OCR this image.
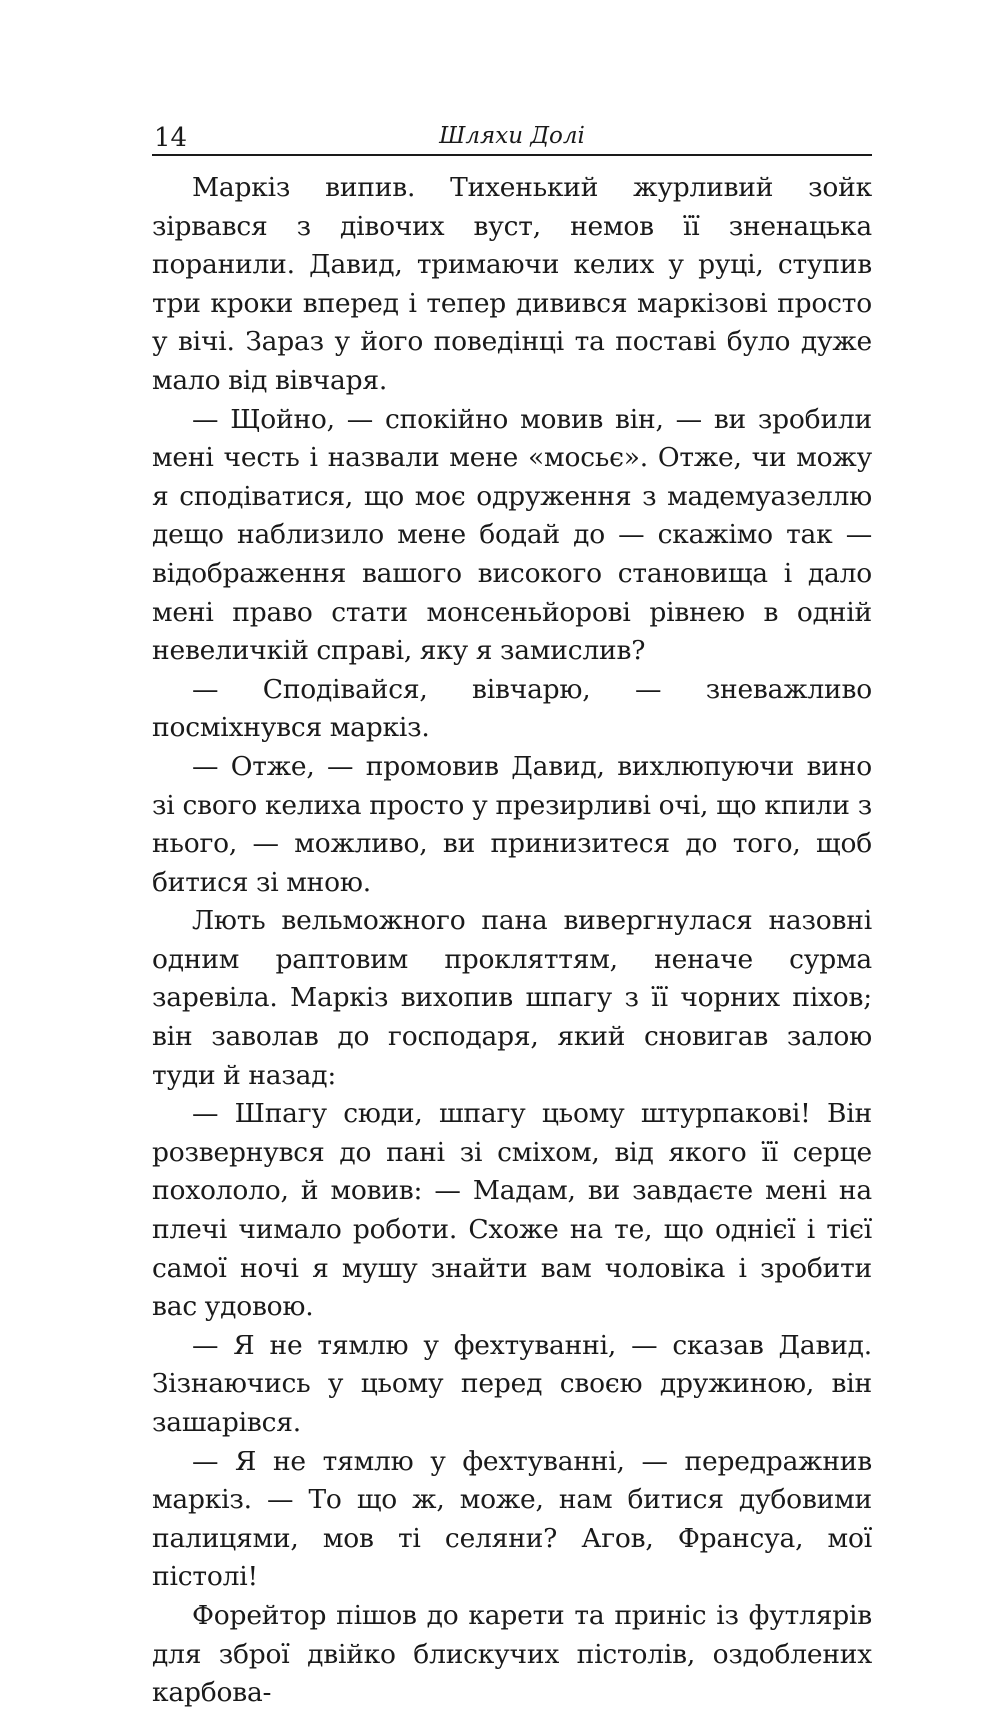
14	Шляхи Долі

Маркіз випив. Тихенький журливий зойк зірвався з дівочих вуст, немов її зненацька поранили. Давид, тримаючи келих у руці, ступив три кроки вперед і тепер дивився маркізові просто у вічі. Зараз у його поведінці та поставі було дуже мало від вівчаря.

— Щойно, — спокійно мовив він, — ви зробили мені честь і назвали мене «мосьє». Отже, чи можу я сподіватися, що моє одруження з мадемуазеллю дещо наблизило мене бодай до — скажімо так — відображення вашого високого становища і дало мені право стати монсеньйорові рівнею в одній невеличкій справі, яку я замислив?

— Сподівайся, вівчарю, — зневажливо посміхнувся маркіз.

— Отже, — промовив Давид, вихлюпуючи вино зі свого келиха просто у презирливі очі, що кпили з нього, — можливо, ви принизитеся до того, щоб битися зі мною.

Лють вельможного пана вивергнулася назовні одним раптовим прокляттям, неначе сурма заревіла. Маркіз вихопив шпагу з її чорних піхов; він заволав до господаря, який сновигав залою туди й назад:

— Шпагу сюди, шпагу цьому штурпакові! Він розвернувся до пані зі сміхом, від якого її серце похололо, й мовив: — Мадам, ви завдаєте мені на плечі чимало роботи. Схоже на те, що однієї і тієї самої ночі я мушу знайти вам чоловіка і зробити вас удовою.

— Я не тямлю у фехтуванні, — сказав Давид. Зізнаючись у цьому перед своєю дружиною, він зашарівся.

— Я не тямлю у фехтуванні, — передражнив маркіз. — То що ж, може, нам битися дубовими палицями, мов ті селяни? Агов, Франсуа, мої пістолі!

Форейтор пішов до карети та приніс із футлярів для зброї двійко блискучих пістолів, оздоблених карбова-
